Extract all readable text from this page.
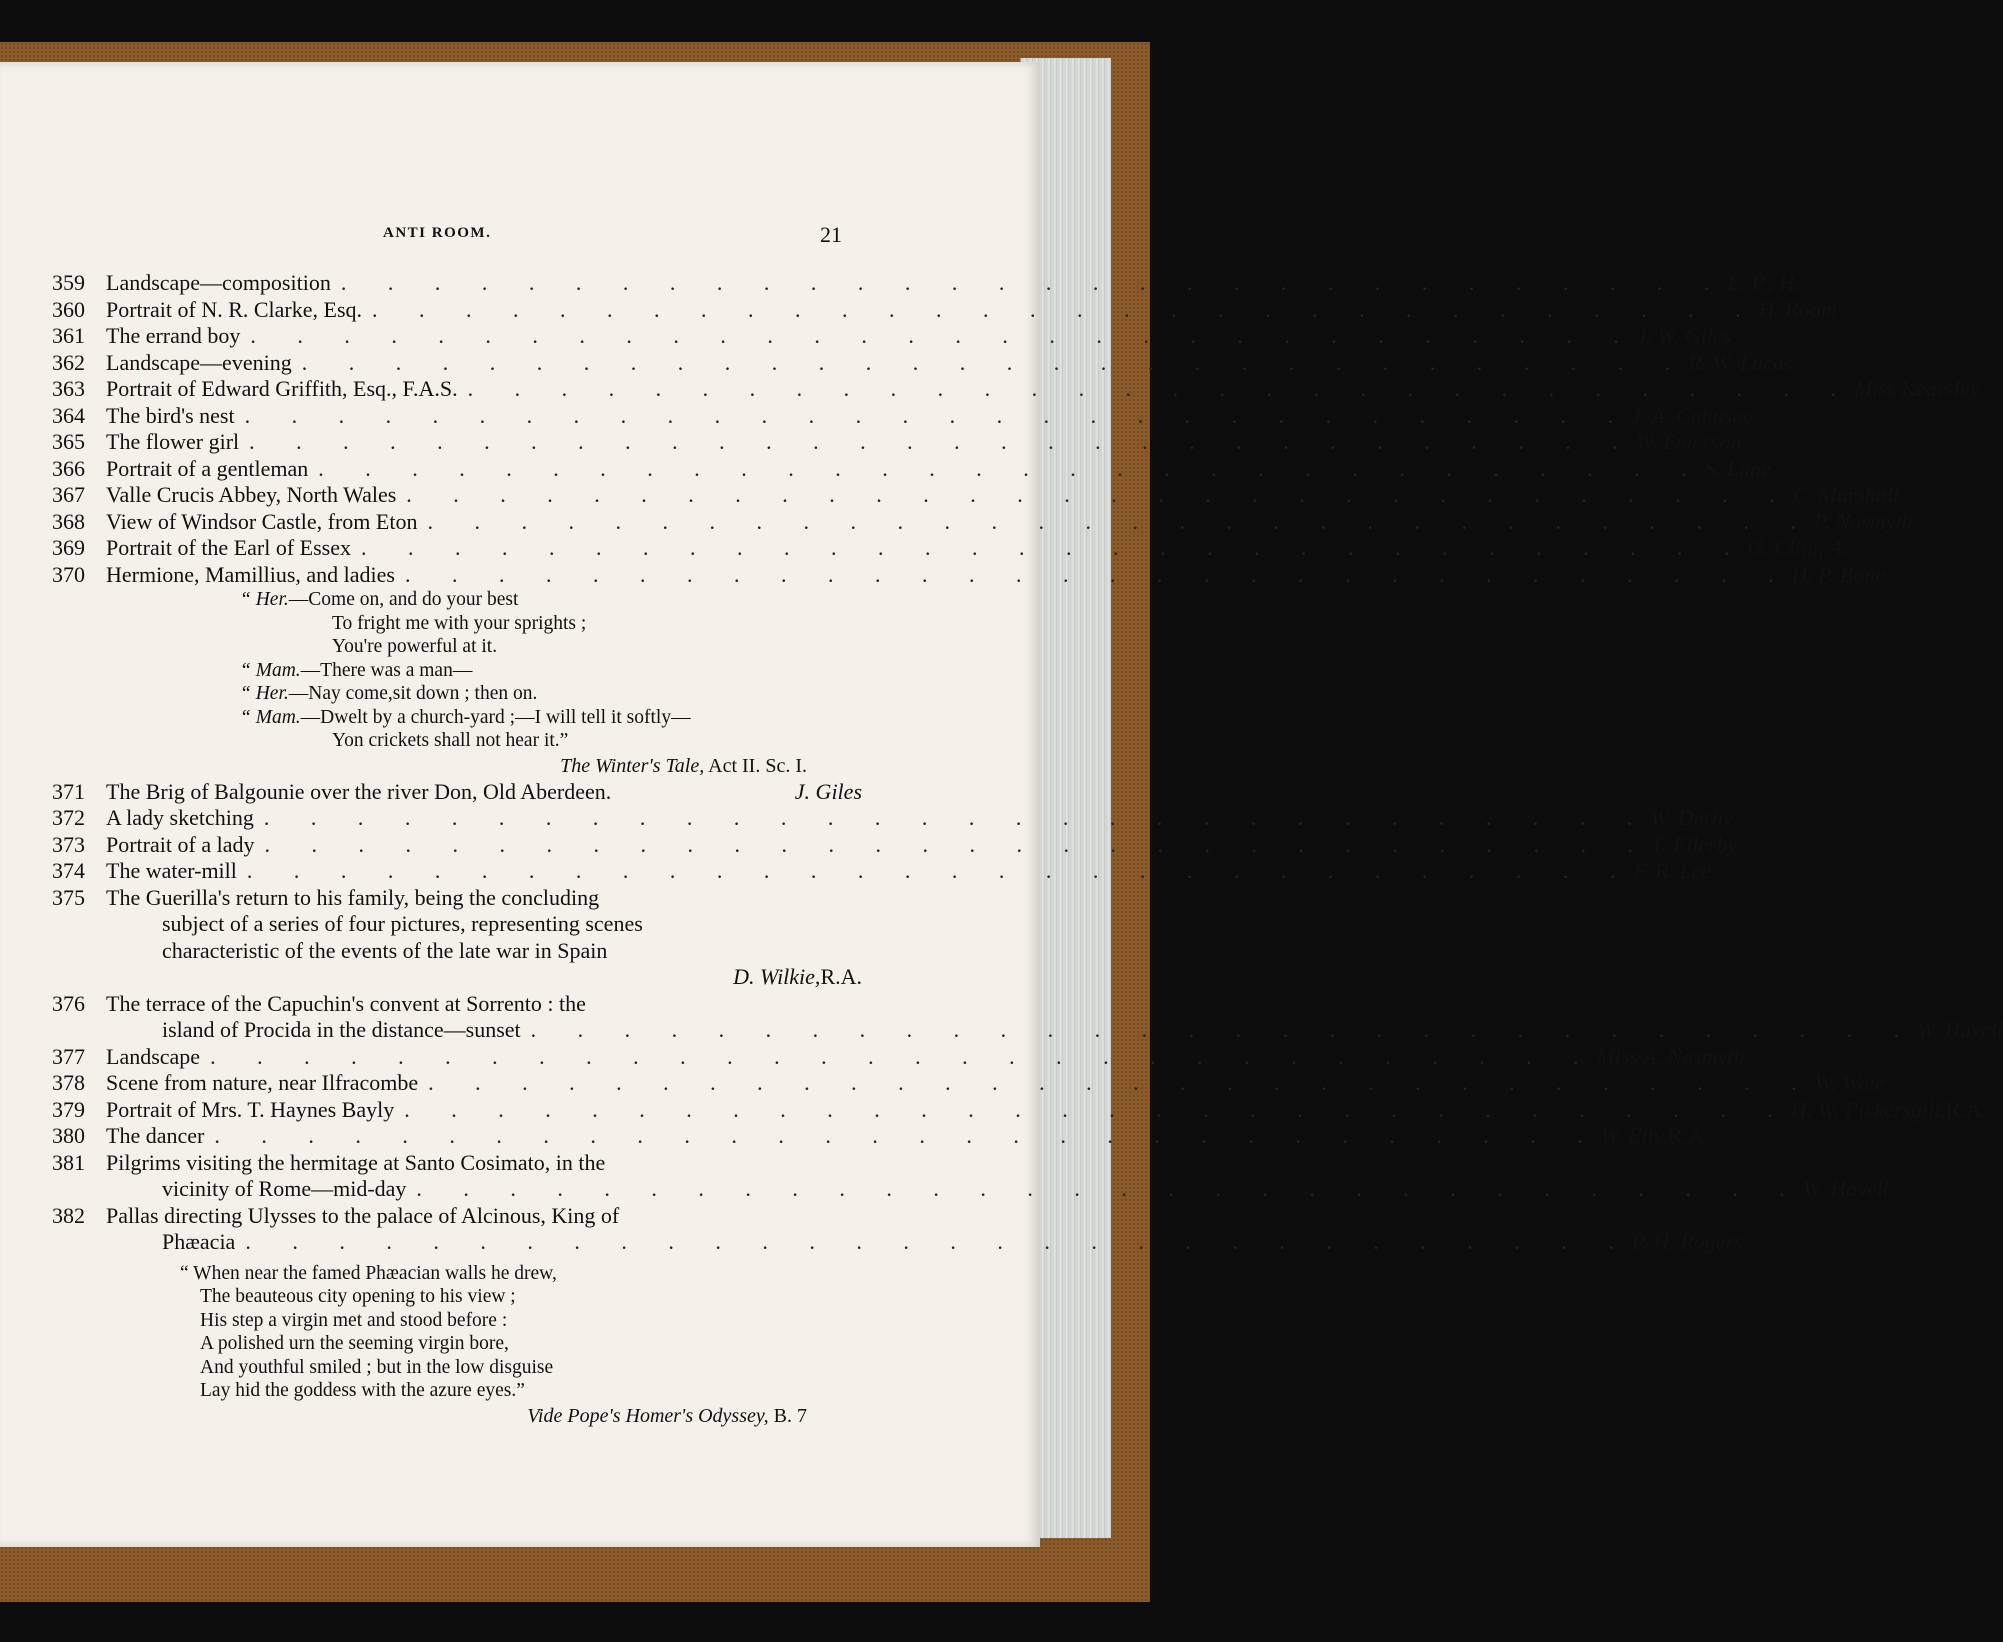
ANTI ROOM.	21
359 Landscape—composition . . . . . . . . . . . . . . . . . . . . . . . . . . . . . . E. P., H.
360 Portrait of N. R. Clarke, Esq. . . . . . . . . . . . . . . . . . . . . . . . . . . . . . . H. Room
361 The errand boy . . . . . . . . . . . . . . . . . . . . . . . . . . . . . . J. W. Giles
362 Landscape—evening . . . . . . . . . . . . . . . . . . . . . . . . . . . . . . R. W. Lucas
363 Portrait of Edward Griffith, Esq., F.A.S. . . . . . . . . . . . . . . . . . . . . . . . . . . . . . . Miss Kearsley
364 The bird's nest . . . . . . . . . . . . . . . . . . . . . . . . . . . . . . J. A. Cahusac
365 The flower girl . . . . . . . . . . . . . . . . . . . . . . . . . . . . . . W. Emerson
366 Portrait of a gentleman . . . . . . . . . . . . . . . . . . . . . . . . . . . . . . S. Lane
367 Valle Crucis Abbey, North Wales . . . . . . . . . . . . . . . . . . . . . . . . . . . . . . C. Marshall
368 View of Windsor Castle, from Eton . . . . . . . . . . . . . . . . . . . . . . . . . . . . . . P. Nasmyth
369 Portrait of the Earl of Essex . . . . . . . . . . . . . . . . . . . . . . . . . . . . . . G. Clint, A.
370 Hermione, Mamillius, and ladies . . . . . . . . . . . . . . . . . . . . . . . . . . . . . . H. P. Bone
“ Her.—Come on, and do your best
To fright me with your sprights ;
You're powerful at it.
“ Mam.—There was a man—
“ Her.—Nay come,sit down ; then on.
“ Mam.—Dwelt by a church-yard ;—I will tell it softly—
Yon crickets shall not hear it.”
The Winter's Tale, Act II. Sc. I.
371 The Brig of Balgounie over the river Don, Old Aberdeen.	J. Giles
372 A lady sketching . . . . . . . . . . . . . . . . . . . . . . . . . . . . . . W. Derby
373 Portrait of a lady . . . . . . . . . . . . . . . . . . . . . . . . . . . . . . T. Ellerby
374 The water-mill . . . . . . . . . . . . . . . . . . . . . . . . . . . . . . F. R. Lee
375 The Guerilla's return to his family, being the concluding
subject of a series of four pictures, representing scenes
characteristic of the events of the late war in Spain
D. Wilkie, R.A.
376 The terrace of the Capuchin's convent at Sorrento : the
island of Procida in the distance—sunset . . . . . . . . . . . . . . . . . . . . . . . . . . . . . . W. Havell
377 Landscape . . . . . . . . . . . . . . . . . . . . . . . . . . . . . . Miss A. Nasmyth
378 Scene from nature, near Ilfracombe . . . . . . . . . . . . . . . . . . . . . . . . . . . . . . W. Wate
379 Portrait of Mrs. T. Haynes Bayly . . . . . . . . . . . . . . . . . . . . . . . . . . . . . . H. W. Pickersgill, R.A.
380 The dancer . . . . . . . . . . . . . . . . . . . . . . . . . . . . . . W. Etty, R.A.
381 Pilgrims visiting the hermitage at Santo Cosimato, in the
vicinity of Rome—mid-day . . . . . . . . . . . . . . . . . . . . . . . . . . . . . . W. Havell
382 Pallas directing Ulysses to the palace of Alcinous, King of
Phæacia . . . . . . . . . . . . . . . . . . . . . . . . . . . . . . P. H. Rogers
“ When near the famed Phæacian walls he drew,
The beauteous city opening to his view ;
His step a virgin met and stood before :
A polished urn the seeming virgin bore,
And youthful smiled ; but in the low disguise
Lay hid the goddess with the azure eyes.”
Vide Pope's Homer's Odyssey, B. 7
